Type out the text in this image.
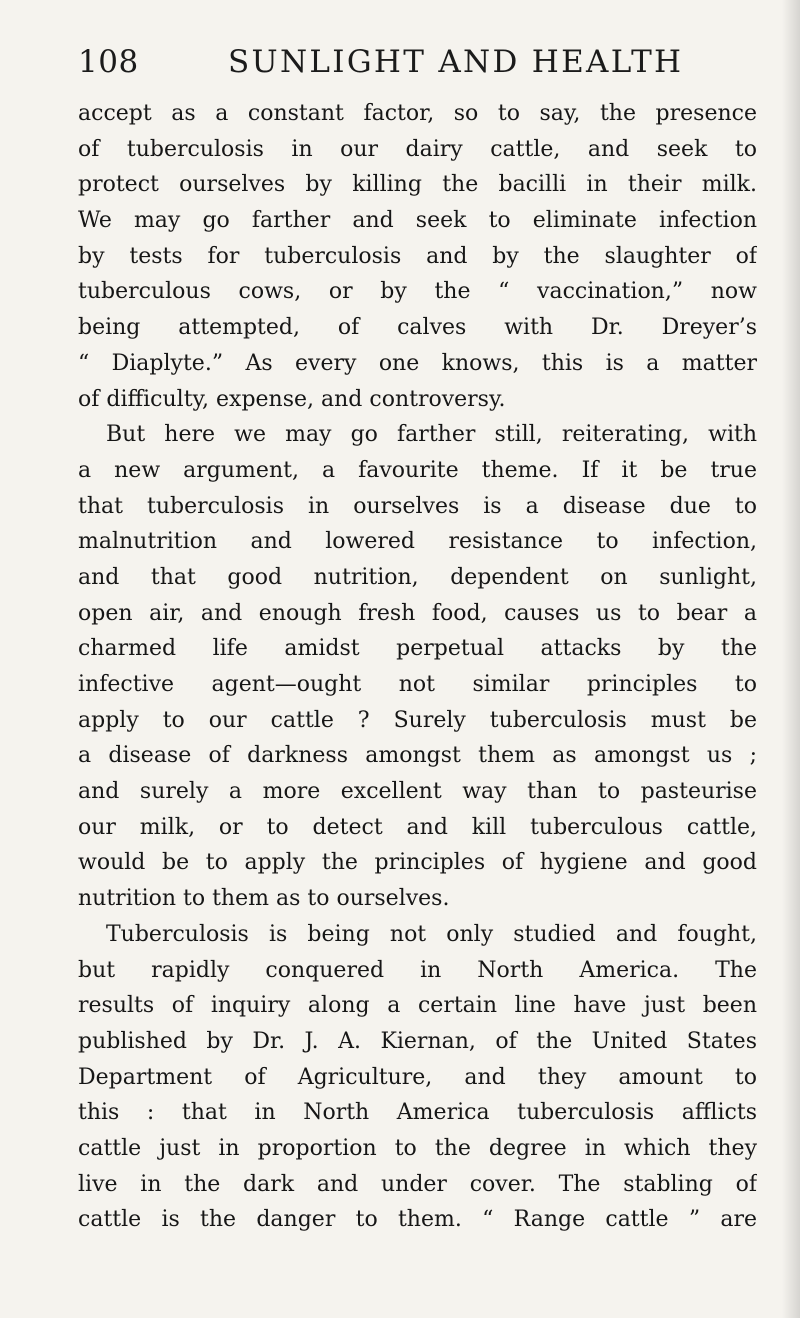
108	SUNLIGHT AND HEALTH
accept as a constant factor, so to say, the presence
of tuberculosis in our dairy cattle, and seek to
protect ourselves by killing the bacilli in their milk.
We may go farther and seek to eliminate infection
by tests for tuberculosis and by the slaughter of
tuberculous cows, or by the “ vaccination,” now
being attempted, of calves with Dr. Dreyer’s
“ Diaplyte.” As every one knows, this is a matter
of difficulty, expense, and controversy.
But here we may go farther still, reiterating, with
a new argument, a favourite theme. If it be true
that tuberculosis in ourselves is a disease due to
malnutrition and lowered resistance to infection,
and that good nutrition, dependent on sunlight,
open air, and enough fresh food, causes us to bear a
charmed life amidst perpetual attacks by the
infective agent—ought not similar principles to
apply to our cattle ? Surely tuberculosis must be
a disease of darkness amongst them as amongst us ;
and surely a more excellent way than to pasteurise
our milk, or to detect and kill tuberculous cattle,
would be to apply the principles of hygiene and good
nutrition to them as to ourselves.
Tuberculosis is being not only studied and fought,
but rapidly conquered in North America. The
results of inquiry along a certain line have just been
published by Dr. J. A. Kiernan, of the United States
Department of Agriculture, and they amount to
this : that in North America tuberculosis afflicts
cattle just in proportion to the degree in which they
live in the dark and under cover. The stabling of
cattle is the danger to them. “ Range cattle ” are
